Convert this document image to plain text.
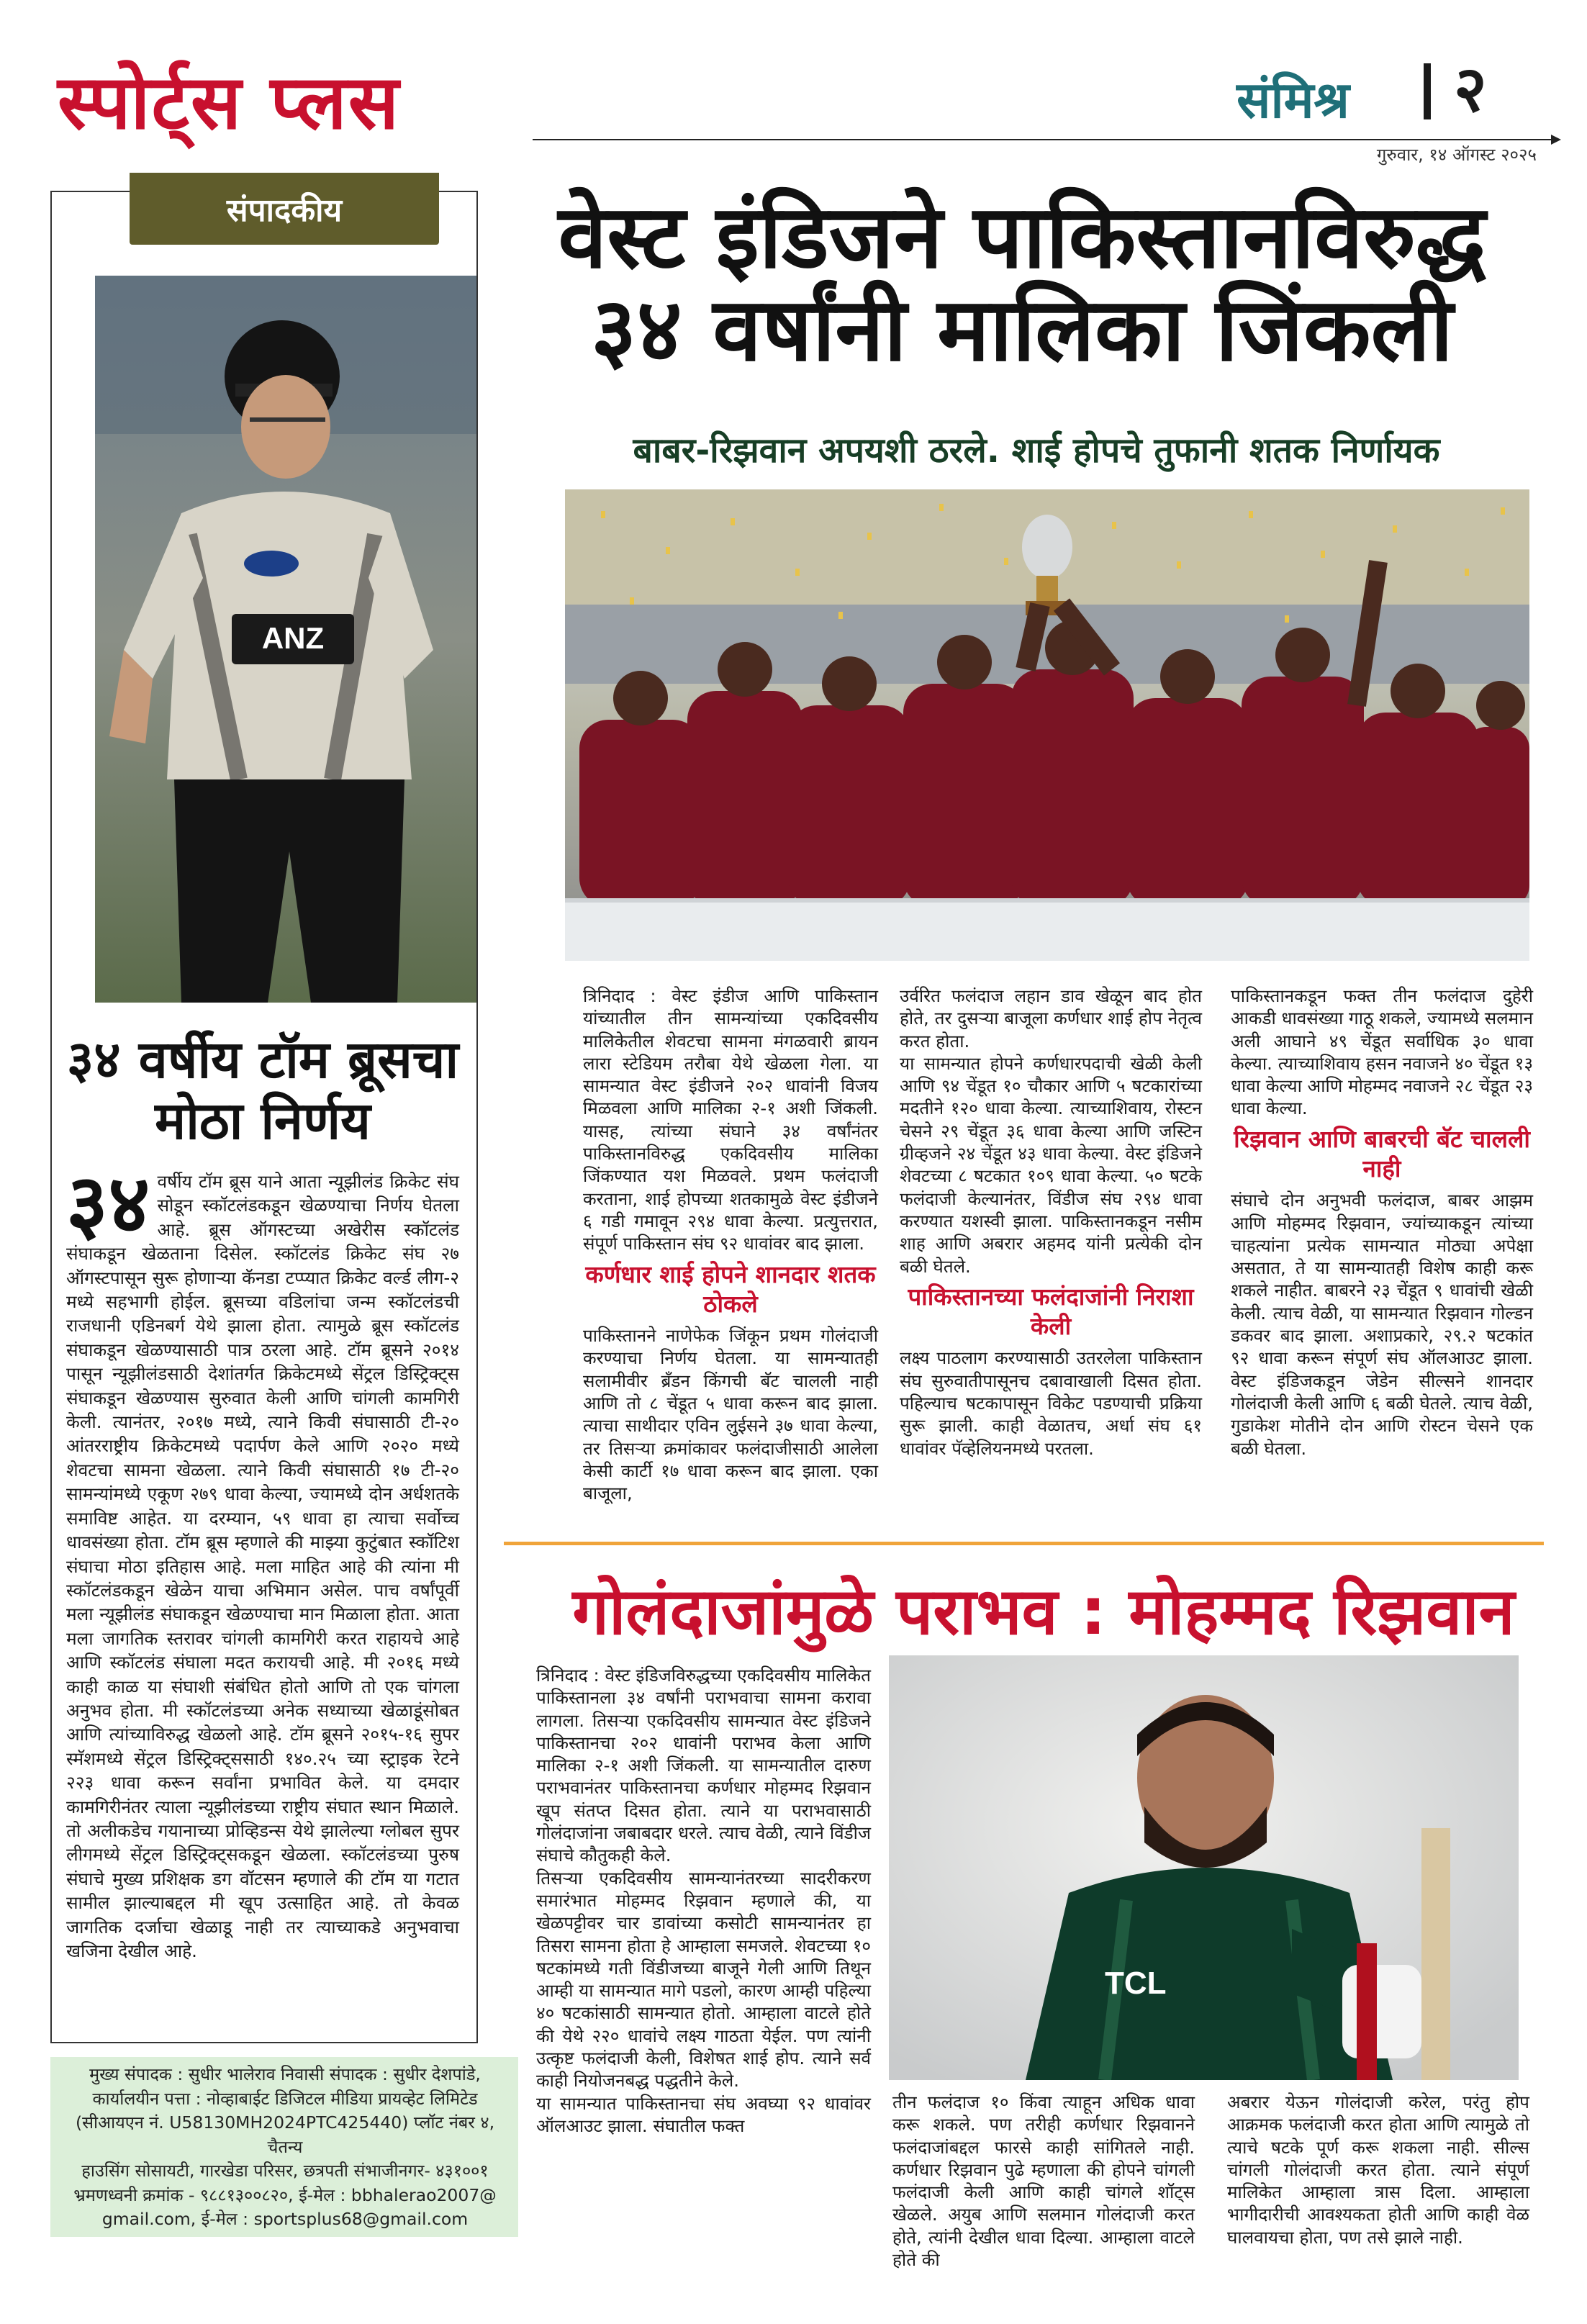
स्पोर्ट्स प्लस	संमिश्र २
गुरुवार, १४ ऑगस्ट २०२५
संपादकीय
ANZ
३४ वर्षीय टॉम ब्रूसचा मोठा निर्णय
३४ वर्षीय टॉम ब्रूस याने आता न्यूझीलंड क्रिकेट संघ सोडून स्कॉटलंडकडून खेळण्याचा निर्णय घेतला आहे. ब्रूस ऑगस्टच्या अखेरीस स्कॉटलंड संघाकडून खेळताना दिसेल. स्कॉटलंड क्रिकेट संघ २७ ऑगस्टपासून सुरू होणाऱ्या कॅनडा टप्प्यात क्रिकेट वर्ल्ड लीग-२ मध्ये सहभागी होईल. ब्रूसच्या वडिलांचा जन्म स्कॉटलंडची राजधानी एडिनबर्ग येथे झाला होता. त्यामुळे ब्रूस स्कॉटलंड संघाकडून खेळण्यासाठी पात्र ठरला आहे. टॉम ब्रूसने २०१४ पासून न्यूझीलंडसाठी देशांतर्गत क्रिकेटमध्ये सेंट्रल डिस्ट्रिक्ट्स संघाकडून खेळण्यास सुरुवात केली आणि चांगली कामगिरी केली. त्यानंतर, २०१७ मध्ये, त्याने किवी संघासाठी टी-२० आंतरराष्ट्रीय क्रिकेटमध्ये पदार्पण केले आणि २०२० मध्ये शेवटचा सामना खेळला. त्याने किवी संघासाठी १७ टी-२० सामन्यांमध्ये एकूण २७९ धावा केल्या, ज्यामध्ये दोन अर्धशतके समाविष्ट आहेत. या दरम्यान, ५९ धावा हा त्याचा सर्वोच्च धावसंख्या होता. टॉम ब्रूस म्हणाले की माझ्या कुटुंबात स्कॉटिश संघाचा मोठा इतिहास आहे. मला माहित आहे की त्यांना मी स्कॉटलंडकडून खेळेन याचा अभिमान असेल. पाच वर्षांपूर्वी मला न्यूझीलंड संघाकडून खेळण्याचा मान मिळाला होता. आता मला जागतिक स्तरावर चांगली कामगिरी करत राहायचे आहे आणि स्कॉटलंड संघाला मदत करायची आहे. मी २०१६ मध्ये काही काळ या संघाशी संबंधित होतो आणि तो एक चांगला अनुभव होता. मी स्कॉटलंडच्या अनेक सध्याच्या खेळाडूंसोबत आणि त्यांच्याविरुद्ध खेळलो आहे. टॉम ब्रूसने २०१५-१६ सुपर स्मॅशमध्ये सेंट्रल डिस्ट्रिक्ट्ससाठी १४०.२५ च्या स्ट्राइक रेटने २२३ धावा करून सर्वांना प्रभावित केले. या दमदार कामगिरीनंतर त्याला न्यूझीलंडच्या राष्ट्रीय संघात स्थान मिळाले. तो अलीकडेच गयानाच्या प्रोव्हिडन्स येथे झालेल्या ग्लोबल सुपर लीगमध्ये सेंट्रल डिस्ट्रिक्ट्सकडून खेळला. स्कॉटलंडच्या पुरुष संघाचे मुख्य प्रशिक्षक डग वॉटसन म्हणाले की टॉम या गटात सामील झाल्याबद्दल मी खूप उत्साहित आहे. तो केवळ जागतिक दर्जाचा खेळाडू नाही तर त्याच्याकडे अनुभवाचा खजिना देखील आहे.
मुख्य संपादक : सुधीर भालेराव निवासी संपादक : सुधीर देशपांडे,
कार्यालयीन पत्ता : नोव्हाबाईट डिजिटल मीडिया प्रायव्हेट लिमिटेड
(सीआयएन नं. U58130MH2024PTC425440) प्लॉट नंबर ४, चैतन्य
हाउसिंग सोसायटी, गारखेडा परिसर, छत्रपती संभाजीनगर- ४३१००१
भ्रमणध्वनी क्रमांक - ९८८१३००८२०, ई-मेल : bbhalerao2007@
gmail.com, ई-मेल : sportsplus68@gmail.com
वेस्ट इंडिजने पाकिस्तानविरुद्ध
३४ वर्षांनी मालिका जिंकली
बाबर-रिझवान अपयशी ठरले. शाई होपचे तुफानी शतक निर्णायक

त्रिनिदाद : वेस्ट इंडीज आणि पाकिस्तान यांच्यातील तीन सामन्यांच्या एकदिवसीय मालिकेतील शेवटचा सामना मंगळवारी ब्रायन लारा स्टेडियम तरौबा येथे खेळला गेला. या सामन्यात वेस्ट इंडीजने २०२ धावांनी विजय मिळवला आणि मालिका २-१ अशी जिंकली. यासह, त्यांच्या संघाने ३४ वर्षांनंतर पाकिस्तानविरुद्ध एकदिवसीय मालिका जिंकण्यात यश मिळवले. प्रथम फलंदाजी करताना, शाई होपच्या शतकामुळे वेस्ट इंडीजने ६ गडी गमावून २९४ धावा केल्या. प्रत्युत्तरात, संपूर्ण पाकिस्तान संघ ९२ धावांवर बाद झाला.

कर्णधार शाई होपने शानदार शतक ठोकले

पाकिस्तानने नाणेफेक जिंकून प्रथम गोलंदाजी करण्याचा निर्णय घेतला. या सामन्यातही सलामीवीर ब्रँडन किंगची बॅट चालली नाही आणि तो ८ चेंडूत ५ धावा करून बाद झाला. त्याचा साथीदार एविन लुईसने ३७ धावा केल्या, तर तिसऱ्या क्रमांकावर फलंदाजीसाठी आलेला केसी कार्टी १७ धावा करून बाद झाला. एका बाजूला,

उर्वरित फलंदाज लहान डाव खेळून बाद होत होते, तर दुसऱ्या बाजूला कर्णधार शाई होप नेतृत्व करत होता.

या सामन्यात होपने कर्णधारपदाची खेळी केली आणि ९४ चेंडूत १० चौकार आणि ५ षटकारांच्या मदतीने १२० धावा केल्या. त्याच्याशिवाय, रोस्टन चेसने २९ चेंडूत ३६ धावा केल्या आणि जस्टिन ग्रीव्हजने २४ चेंडूत ४३ धावा केल्या. वेस्ट इंडिजने शेवटच्या ८ षटकात १०९ धावा केल्या. ५० षटके फलंदाजी केल्यानंतर, विंडीज संघ २९४ धावा करण्यात यशस्वी झाला. पाकिस्तानकडून नसीम शाह आणि अबरार अहमद यांनी प्रत्येकी दोन बळी घेतले.

पाकिस्तानच्या फलंदाजांनी निराशा केली

लक्ष्य पाठलाग करण्यासाठी उतरलेला पाकिस्तान संघ सुरुवातीपासूनच दबावाखाली दिसत होता. पहिल्याच षटकापासून विकेट पडण्याची प्रक्रिया सुरू झाली. काही वेळातच, अर्धा संघ ६१ धावांवर पॅव्हेलियनमध्ये परतला.

पाकिस्तानकडून फक्त तीन फलंदाज दुहेरी आकडी धावसंख्या गाठू शकले, ज्यामध्ये सलमान अली आघाने ४९ चेंडूत सर्वाधिक ३० धावा केल्या. त्याच्याशिवाय हसन नवाजने ४० चेंडूत १३ धावा केल्या आणि मोहम्मद नवाजने २८ चेंडूत २३ धावा केल्या.

रिझवान आणि बाबरची बॅट चालली नाही

संघाचे दोन अनुभवी फलंदाज, बाबर आझम आणि मोहम्मद रिझवान, ज्यांच्याकडून त्यांच्या चाहत्यांना प्रत्येक सामन्यात मोठ्या अपेक्षा असतात, ते या सामन्यातही विशेष काही करू शकले नाहीत. बाबरने २३ चेंडूत ९ धावांची खेळी केली. त्याच वेळी, या सामन्यात रिझवान गोल्डन डकवर बाद झाला. अशाप्रकारे, २९.२ षटकांत ९२ धावा करून संपूर्ण संघ ऑलआउट झाला. वेस्ट इंडिजकडून जेडेन सील्सने शानदार गोलंदाजी केली आणि ६ बळी घेतले. त्याच वेळी, गुडाकेश मोतीने दोन आणि रोस्टन चेसने एक बळी घेतला.

गोलंदाजांमुळे पराभव : मोहम्मद रिझवान

त्रिनिदाद : वेस्ट इंडिजविरुद्धच्या एकदिवसीय मालिकेत पाकिस्तानला ३४ वर्षांनी पराभवाचा सामना करावा लागला. तिसऱ्या एकदिवसीय सामन्यात वेस्ट इंडिजने पाकिस्तानचा २०२ धावांनी पराभव केला आणि मालिका २-१ अशी जिंकली. या सामन्यातील दारुण पराभवानंतर पाकिस्तानचा कर्णधार मोहम्मद रिझवान खूप संतप्त दिसत होता. त्याने या पराभवासाठी गोलंदाजांना जबाबदार धरले. त्याच वेळी, त्याने विंडीज संघाचे कौतुकही केले.

तिसऱ्या एकदिवसीय सामन्यानंतरच्या सादरीकरण समारंभात मोहम्मद रिझवान म्हणाले की, या खेळपट्टीवर चार डावांच्या कसोटी सामन्यानंतर हा तिसरा सामना होता हे आम्हाला समजले. शेवटच्या १० षटकांमध्ये गती विंडीजच्या बाजूने गेली आणि तिथून आम्ही या सामन्यात मागे पडलो, कारण आम्ही पहिल्या ४० षटकांसाठी सामन्यात होतो. आम्हाला वाटले होते की येथे २२० धावांचे लक्ष्य गाठता येईल. पण त्यांनी उत्कृष्ट फलंदाजी केली, विशेषत शाई होप. त्याने सर्व काही नियोजनबद्ध पद्धतीने केले.

या सामन्यात पाकिस्तानचा संघ अवघ्या ९२ धावांवर ऑलआउट झाला. संघातील फक्त

TCL

तीन फलंदाज १० किंवा त्याहून अधिक धावा करू शकले. पण तरीही कर्णधार रिझवानने फलंदाजांबद्दल फारसे काही सांगितले नाही. कर्णधार रिझवान पुढे म्हणाला की होपने चांगली फलंदाजी केली आणि काही चांगले शॉट्स खेळले. अयुब आणि सलमान गोलंदाजी करत होते, त्यांनी देखील धावा दिल्या. आम्हाला वाटले होते की

अबरार येऊन गोलंदाजी करेल, परंतु होप आक्रमक फलंदाजी करत होता आणि त्यामुळे तो त्याचे षटके पूर्ण करू शकला नाही. सील्स चांगली गोलंदाजी करत होता. त्याने संपूर्ण मालिकेत आम्हाला त्रास दिला. आम्हाला भागीदारीची आवश्यकता होती आणि काही वेळ घालवायचा होता, पण तसे झाले नाही.
